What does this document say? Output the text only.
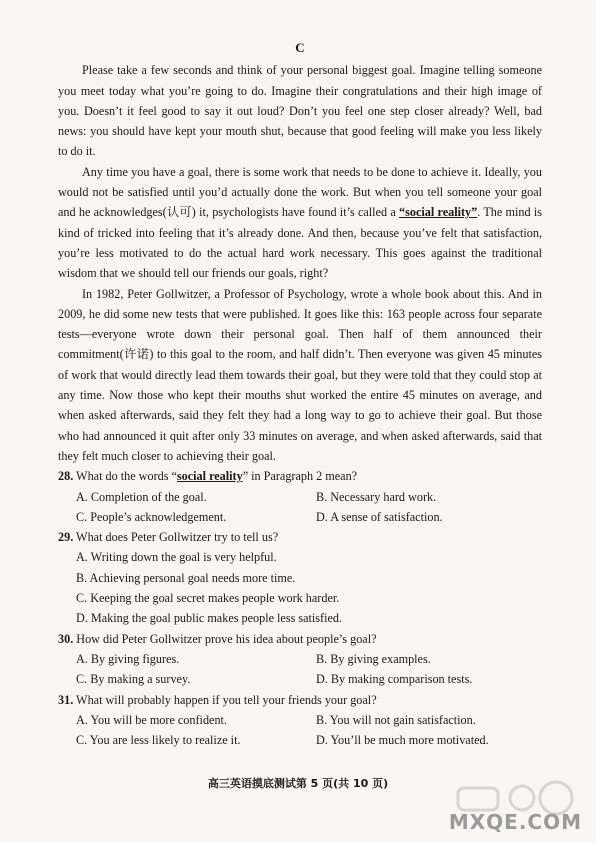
C

Please take a few seconds and think of your personal biggest goal. Imagine telling someone you meet today what you’re going to do. Imagine their congratulations and their high image of you. Doesn’t it feel good to say it out loud? Don’t you feel one step closer already? Well, bad news: you should have kept your mouth shut, because that good feeling will make you less likely to do it.

Any time you have a goal, there is some work that needs to be done to achieve it. Ideally, you would not be satisfied until you’d actually done the work. But when you tell someone your goal and he acknowledges(认可) it, psychologists have found it’s called a “social reality”. The mind is kind of tricked into feeling that it’s already done. And then, because you’ve felt that satisfaction, you’re less motivated to do the actual hard work necessary. This goes against the traditional wisdom that we should tell our friends our goals, right?

In 1982, Peter Gollwitzer, a Professor of Psychology, wrote a whole book about this. And in 2009, he did some new tests that were published. It goes like this: 163 people across four separate tests—everyone wrote down their personal goal. Then half of them announced their commitment(许诺) to this goal to the room, and half didn’t. Then everyone was given 45 minutes of work that would directly lead them towards their goal, but they were told that they could stop at any time. Now those who kept their mouths shut worked the entire 45 minutes on average, and when asked afterwards, said they felt they had a long way to go to achieve their goal. But those who had announced it quit after only 33 minutes on average, and when asked afterwards, said that they felt much closer to achieving their goal.

28. What do the words “social reality” in Paragraph 2 mean?
A. Completion of the goal.	B. Necessary hard work.
C. People’s acknowledgement.	D. A sense of satisfaction.
29. What does Peter Gollwitzer try to tell us?
A. Writing down the goal is very helpful.
B. Achieving personal goal needs more time.
C. Keeping the goal secret makes people work harder.
D. Making the goal public makes people less satisfied.
30. How did Peter Gollwitzer prove his idea about people’s goal?
A. By giving figures.	B. By giving examples.
C. By making a survey.	D. By making comparison tests.
31. What will probably happen if you tell your friends your goal?
A. You will be more confident.	B. You will not gain satisfaction.
C. You are less likely to realize it.	D. You’ll be much more motivated.
高三英语摸底测试第 5 页(共 10 页)
MXQE.COM
